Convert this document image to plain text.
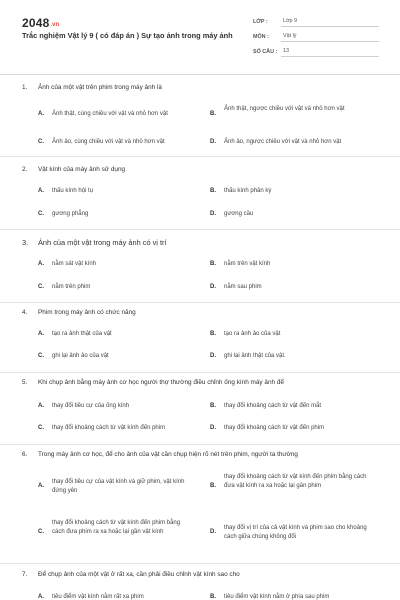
2048.vn
Trắc nghiệm Vật lý 9 ( có đáp án ) Sự tạo ảnh trong máy ảnh
LỚP :	Lớp 9
MÔN :	Vật lý
SỐ CÂU :	13
1. Ảnh của một vật trên phim trong máy ảnh là
A. Ảnh thật, cùng chiều với vật và nhỏ hơn vật	B.
Ảnh thật, ngược chiều với vật và nhỏ hơn vật
C. Ảnh ảo, cùng chiều với vật và nhỏ hơn vật	D. Ảnh ảo, ngược chiều với vật và nhỏ hơn vật
2. Vật kính của máy ảnh sử dụng
A. thấu kính hội tụ	B. thấu kính phân kỳ
C. gương phẳng	D. gương cầu
3. Ảnh của một vật trong máy ảnh có vị trí
A. nằm sát vật kính	B. nằm trên vật kính
C. nằm trên phim	D. nằm sau phim
4. Phim trong máy ảnh có chức năng
A. tạo ra ảnh thật của vật	B. tạo ra ảnh ảo của vật
C. ghi lại ảnh ảo của vật	D. ghi lại ảnh thật của vật.
5. Khi chụp ảnh bằng máy ảnh cơ học người thợ thường điều chỉnh ống kính máy ảnh để
A. thay đổi tiêu cự của ống kính	B. thay đổi khoảng cách từ vật đến mắt
C. thay đổi khoảng cách từ vật kính đến phim	D. thay đổi khoảng cách từ vật đến phim
6. Trong máy ảnh cơ học, để cho ảnh của vật cần chụp hiện rõ nét trên phim, người ta thường
A.
thay đổi tiêu cự của vật kính và giữ phim, vật kính đứng yên
B.
thay đổi khoảng cách từ vật kính đến phim bằng cách đưa vật kính ra xa hoặc lại gần phim
C.
thay đổi khoảng cách từ vật kính đến phim bằng cách đưa phim ra xa hoặc lại gần vật kính	D.
thay đổi vị trí của cả vật kính và phim sao cho khoảng cách giữa chúng không đổi
7. Để chụp ảnh của một vật ở rất xa, cần phải điều chỉnh vật kính sao cho
A. tiêu điểm vật kính nằm rất xa phim	B. tiêu điểm vật kính nằm ở phía sau phim
